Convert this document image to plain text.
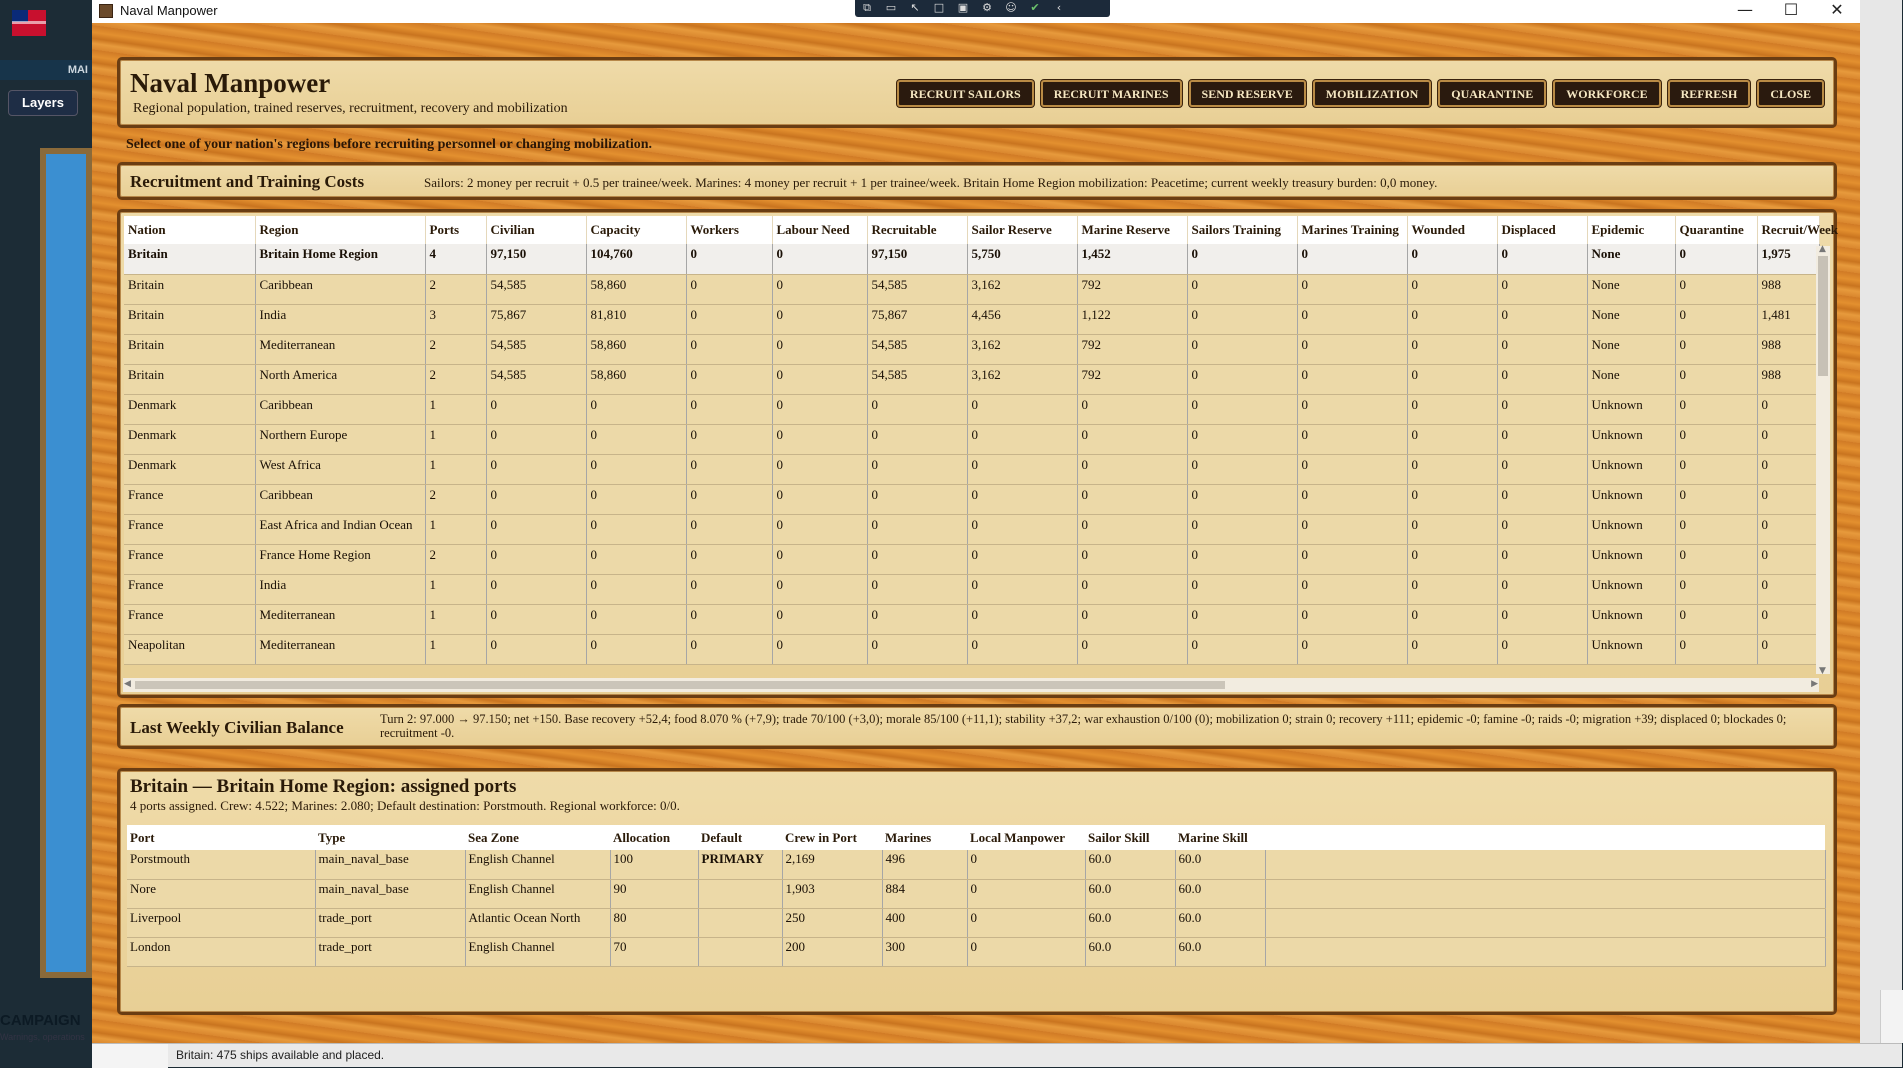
MAI
Layers
CAMPAIGN
Warnings, operations
Britain: 475 ships available and placed.
Naval Manpower	⧉ ▭ ↖ □ ▣ ⚙ ☺ ✔ ‹	—	☐	✕
Naval Manpower
Regional population, trained reserves, recruitment, recovery and mobilization
RECRUIT SAILORS	RECRUIT MARINES	SEND RESERVE	MOBILIZATION	QUARANTINE	WORKFORCE	REFRESH	CLOSE
Select one of your nation's regions before recruiting personnel or changing mobilization.
Recruitment and Training Costs	Sailors: 2 money per recruit + 0.5 per trainee/week. Marines: 4 money per recruit + 1 per trainee/week. Britain Home Region mobilization: Peacetime; current weekly treasury burden: 0,0 money.
Nation	Region	Ports	Civilian	Capacity	Workers	Labour Need	Recruitable	Sailor Reserve	Marine Reserve	Sailors Training	Marines Training	Wounded	Displaced	Epidemic	Quarantine	Recruit/Week
Britain	Britain Home Region	4	97,150	104,760	0	0	97,150	5,750	1,452	0	0	0	0	None	0	1,975
Britain	Caribbean	2	54,585	58,860	0	0	54,585	3,162	792	0	0	0	0	None	0	988
Britain	India	3	75,867	81,810	0	0	75,867	4,456	1,122	0	0	0	0	None	0	1,481
Britain	Mediterranean	2	54,585	58,860	0	0	54,585	3,162	792	0	0	0	0	None	0	988
Britain	North America	2	54,585	58,860	0	0	54,585	3,162	792	0	0	0	0	None	0	988
Denmark	Caribbean	1	0	0	0	0	0	0	0	0	0	0	0	Unknown	0	0
Denmark	Northern Europe	1	0	0	0	0	0	0	0	0	0	0	0	Unknown	0	0
Denmark	West Africa	1	0	0	0	0	0	0	0	0	0	0	0	Unknown	0	0
France	Caribbean	2	0	0	0	0	0	0	0	0	0	0	0	Unknown	0	0
France	East Africa and Indian Ocean	1	0	0	0	0	0	0	0	0	0	0	0	Unknown	0	0
France	France Home Region	2	0	0	0	0	0	0	0	0	0	0	0	Unknown	0	0
France	India	1	0	0	0	0	0	0	0	0	0	0	0	Unknown	0	0
France	Mediterranean	1	0	0	0	0	0	0	0	0	0	0	0	Unknown	0	0
Neapolitan	Mediterranean	1	0	0	0	0	0	0	0	0	0	0	0	Unknown	0	0
▲
▼
◀	▶
Last Weekly Civilian Balance	Turn 2: 97.000 → 97.150; net +150. Base recovery +52,4; food 8.070 % (+7,9); trade 70/100 (+3,0); morale 85/100 (+11,1); stability +37,2; war exhaustion 0/100 (0); mobilization 0; strain 0; recovery +111; epidemic -0; famine -0; raids -0; migration +39; displaced 0; blockades 0; recruitment -0.
Britain — Britain Home Region: assigned ports
4 ports assigned. Crew: 4.522; Marines: 2.080; Default destination: Porstmouth. Regional workforce: 0/0.
Port	Type	Sea Zone	Allocation	Default	Crew in Port	Marines	Local Manpower	Sailor Skill	Marine Skill	
Porstmouth	main_naval_base	English Channel	100	PRIMARY	2,169	496	0	60.0	60.0	
Nore	main_naval_base	English Channel	90		1,903	884	0	60.0	60.0	
Liverpool	trade_port	Atlantic Ocean North	80		250	400	0	60.0	60.0	
London	trade_port	English Channel	70		200	300	0	60.0	60.0	
